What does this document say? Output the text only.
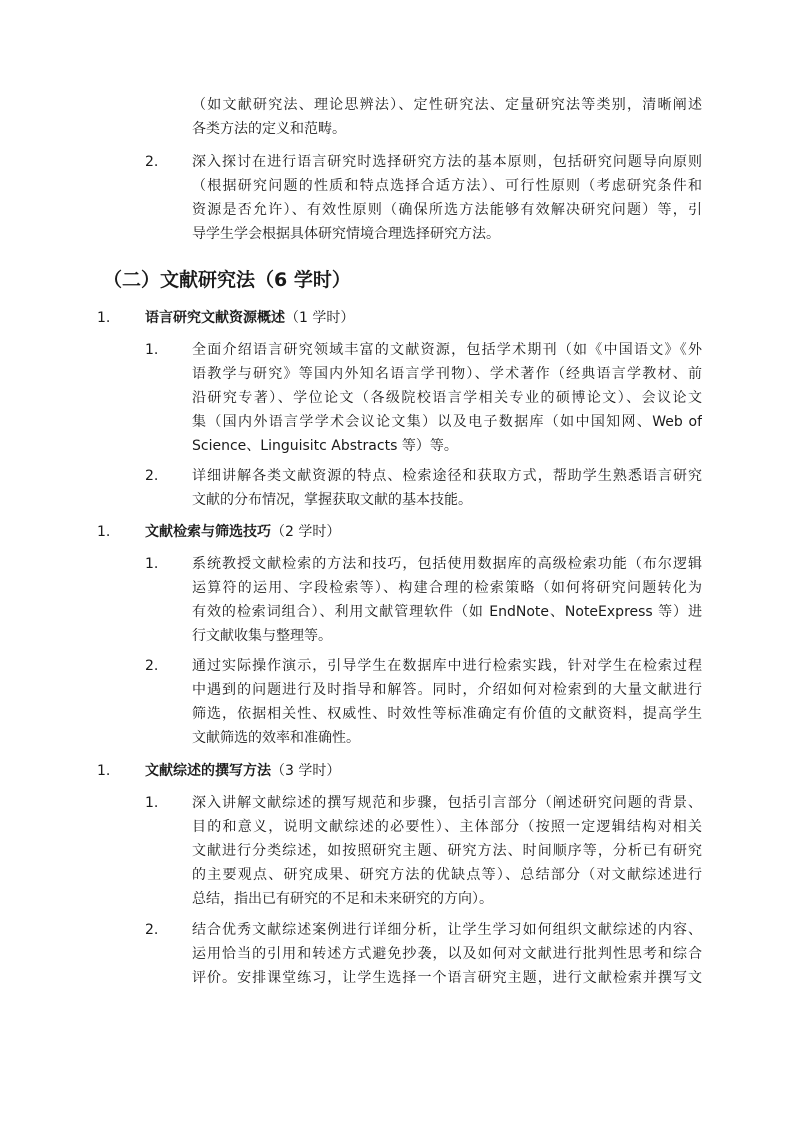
（如文献研究法、理论思辨法）、定性研究法、定量研究法等类别，清晰阐述
各类方法的定义和范畴。
2. 深入探讨在进行语言研究时选择研究方法的基本原则，包括研究问题导向原则
（根据研究问题的性质和特点选择合适方法）、可行性原则（考虑研究条件和
资源是否允许）、有效性原则（确保所选方法能够有效解决研究问题）等，引
导学生学会根据具体研究情境合理选择研究方法。
（二）文献研究法（6 学时）
1. 语言研究文献资源概述（1 学时）
1. 全面介绍语言研究领域丰富的文献资源，包括学术期刊（如《中国语文》《外
语教学与研究》等国内外知名语言学刊物）、学术著作（经典语言学教材、前
沿研究专著）、学位论文（各级院校语言学相关专业的硕博论文）、会议论文
集（国内外语言学学术会议论文集）以及电子数据库（如中国知网、Web of
Science、Linguisitc Abstracts 等）等。
2. 详细讲解各类文献资源的特点、检索途径和获取方式，帮助学生熟悉语言研究
文献的分布情况，掌握获取文献的基本技能。
1. 文献检索与筛选技巧（2 学时）
1. 系统教授文献检索的方法和技巧，包括使用数据库的高级检索功能（布尔逻辑
运算符的运用、字段检索等）、构建合理的检索策略（如何将研究问题转化为
有效的检索词组合）、利用文献管理软件（如 EndNote、NoteExpress 等）进
行文献收集与整理等。
2. 通过实际操作演示，引导学生在数据库中进行检索实践，针对学生在检索过程
中遇到的问题进行及时指导和解答。同时，介绍如何对检索到的大量文献进行
筛选，依据相关性、权威性、时效性等标准确定有价值的文献资料，提高学生
文献筛选的效率和准确性。
1. 文献综述的撰写方法（3 学时）
1. 深入讲解文献综述的撰写规范和步骤，包括引言部分（阐述研究问题的背景、
目的和意义，说明文献综述的必要性）、主体部分（按照一定逻辑结构对相关
文献进行分类综述，如按照研究主题、研究方法、时间顺序等，分析已有研究
的主要观点、研究成果、研究方法的优缺点等）、总结部分（对文献综述进行
总结，指出已有研究的不足和未来研究的方向）。
2. 结合优秀文献综述案例进行详细分析，让学生学习如何组织文献综述的内容、
运用恰当的引用和转述方式避免抄袭，以及如何对文献进行批判性思考和综合
评价。安排课堂练习，让学生选择一个语言研究主题，进行文献检索并撰写文
